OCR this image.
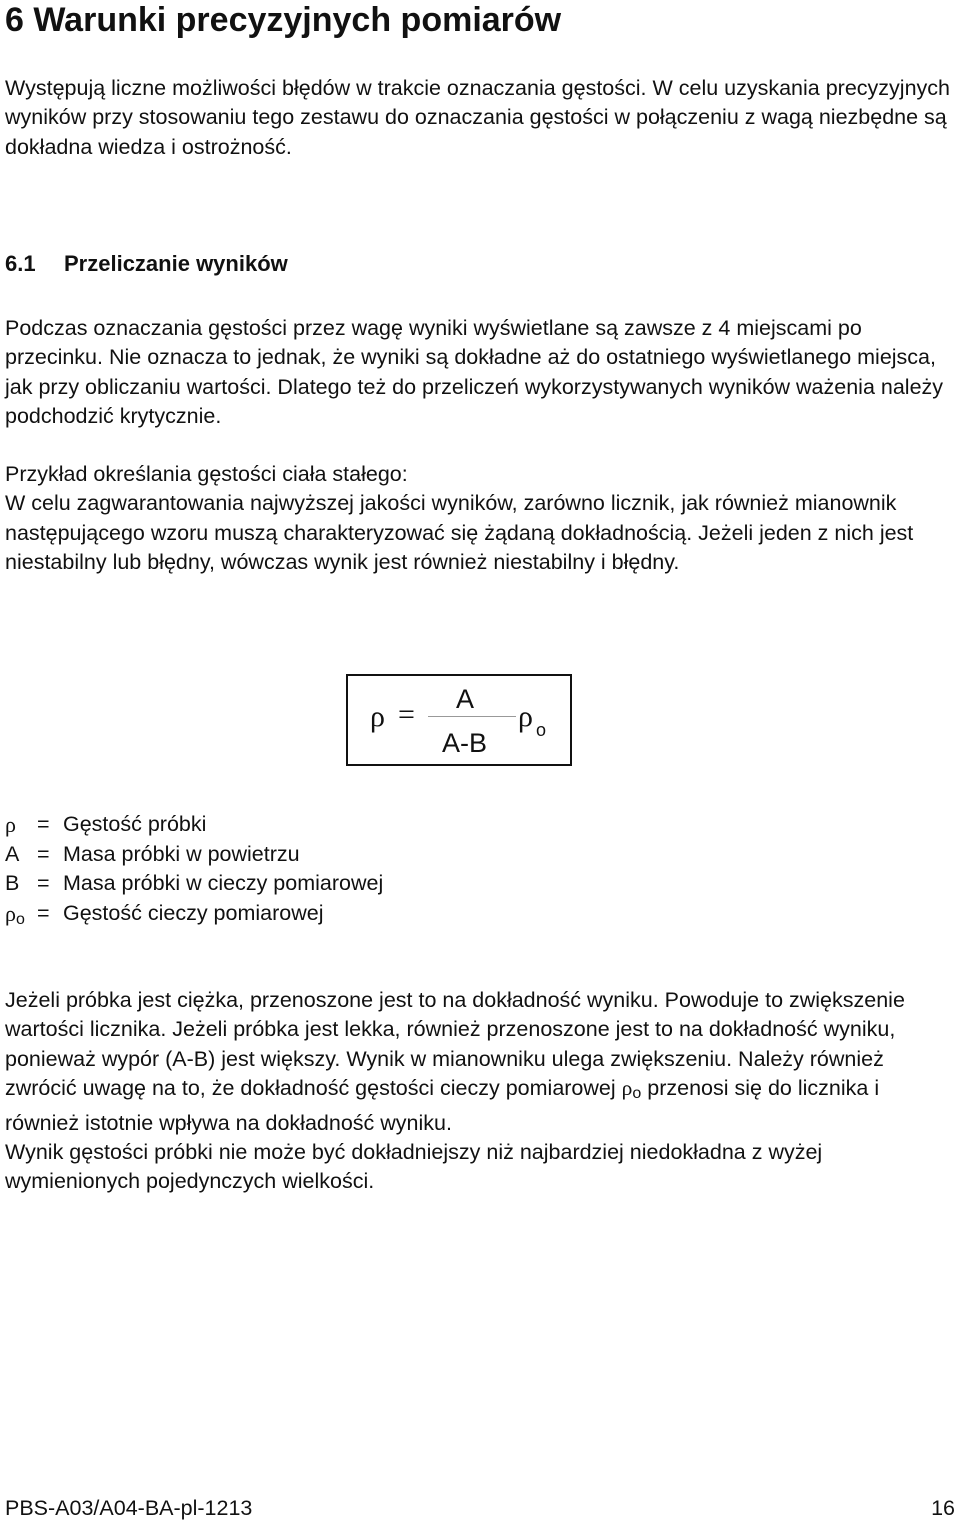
6 Warunki precyzyjnych pomiarów
Występują liczne możliwości błędów w trakcie oznaczania gęstości. W celu uzyskania precyzyjnych wyników przy stosowaniu tego zestawu do oznaczania gęstości w połączeniu z wagą niezbędne są dokładna wiedza i ostrożność.
6.1 Przeliczanie wyników
Podczas oznaczania gęstości przez wagę wyniki wyświetlane są zawsze z 4 miejscami po przecinku. Nie oznacza to jednak, że wyniki są dokładne aż do ostatniego wyświetlanego miejsca, jak przy obliczaniu wartości. Dlatego też do przeliczeń wykorzystywanych wyników ważenia należy podchodzić krytycznie.
Przykład określania gęstości ciała stałego:
W celu zagwarantowania najwyższej jakości wyników, zarówno licznik, jak również mianownik następującego wzoru muszą charakteryzować się żądaną dokładnością. Jeżeli jeden z nich jest niestabilny lub błędny, wówczas wynik jest również niestabilny i błędny.
ρ = A
A-B
ρ o
ρ = Gęstość próbki
A = Masa próbki w powietrzu
B = Masa próbki w cieczy pomiarowej
$\rho_o$ = Gęstość cieczy pomiarowej
Jeżeli próbka jest ciężka, przenoszone jest to na dokładność wyniku. Powoduje to zwiększenie wartości licznika. Jeżeli próbka jest lekka, również przenoszone jest to na dokładność wyniku, ponieważ wypór (A-B) jest większy. Wynik w mianowniku ulega zwiększeniu. Należy również zwrócić uwagę na to, że dokładność gęstości cieczy pomiarowej $\rho_o$ przenosi się do licznika i również istotnie wpływa na dokładność wyniku.
Wynik gęstości próbki nie może być dokładniejszy niż najbardziej niedokładna z wyżej wymienionych pojedynczych wielkości.
PBS-A03/A04-BA-pl-1213	16
